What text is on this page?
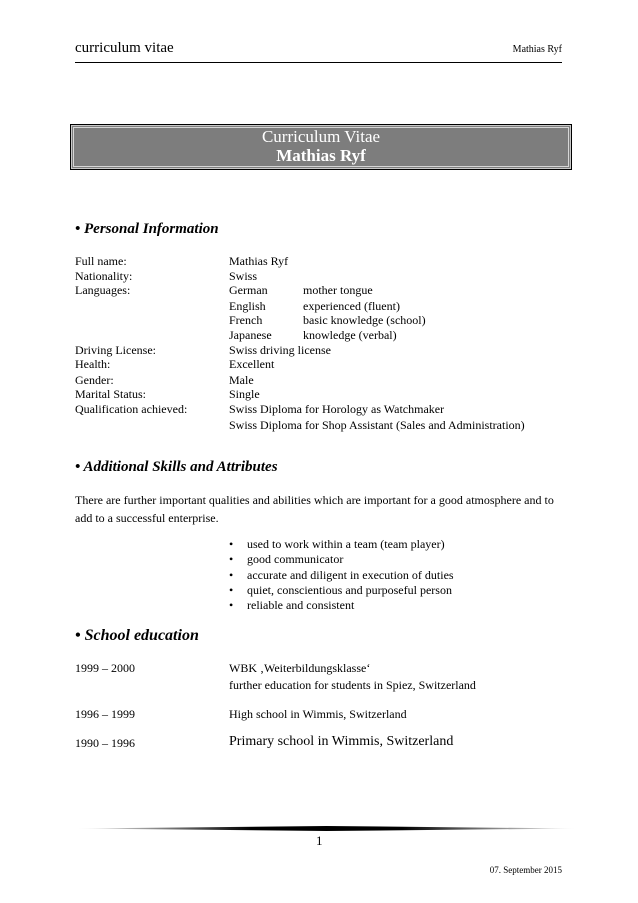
curriculum vitae	Mathias Ryf
Curriculum Vitae
Mathias Ryf
• Personal Information
Full name:	Mathias Ryf
Nationality:	Swiss
Languages:	German	mother tongue
English	experienced (fluent)
French	basic knowledge (school)
Japanese	knowledge (verbal)
Driving License:	Swiss driving license
Health:	Excellent
Gender:	Male
Marital Status:	Single
Qualification achieved:	Swiss Diploma for Horology as Watchmaker
Swiss Diploma for Shop Assistant (Sales and Administration)
• Additional Skills and Attributes
There are further important qualities and abilities which are important for a good atmosphere and to add to a successful enterprise.
• used to work within a team (team player)
• good communicator
• accurate and diligent in execution of duties
• quiet, conscientious and purposeful person
• reliable and consistent
• School education
1999 – 2000	WBK ‚Weiterbildungsklasse‘
further education for students in Spiez, Switzerland
1996 – 1999	High school in Wimmis, Switzerland
1990 – 1996	Primary school in Wimmis, Switzerland
1
07. September 2015
